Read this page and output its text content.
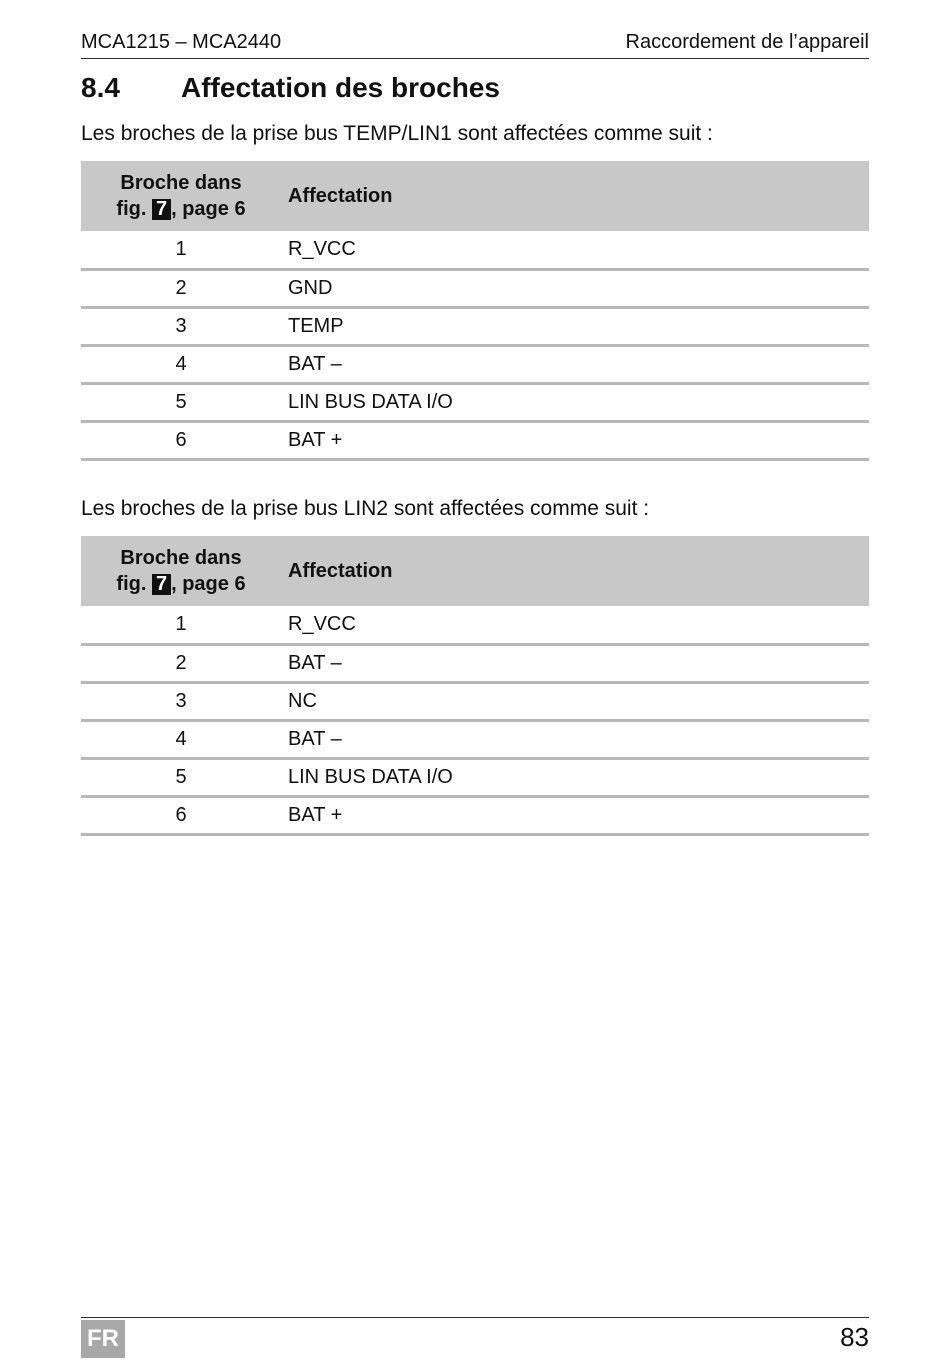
MCA1215 – MCA2440	Raccordement de l’appareil
8.4	Affectation des broches
Les broches de la prise bus TEMP/LIN1 sont affectées comme suit :
Broche dans
fig. 7 , page 6	Affectation
1	R_VCC
2	GND
3	TEMP
4	BAT –
5	LIN BUS DATA I/O
6	BAT +
Les broches de la prise bus LIN2 sont affectées comme suit :
Broche dans
fig. 7 , page 6	Affectation
1	R_VCC
2	BAT –
3	NC
4	BAT –
5	LIN BUS DATA I/O
6	BAT +
FR	83
